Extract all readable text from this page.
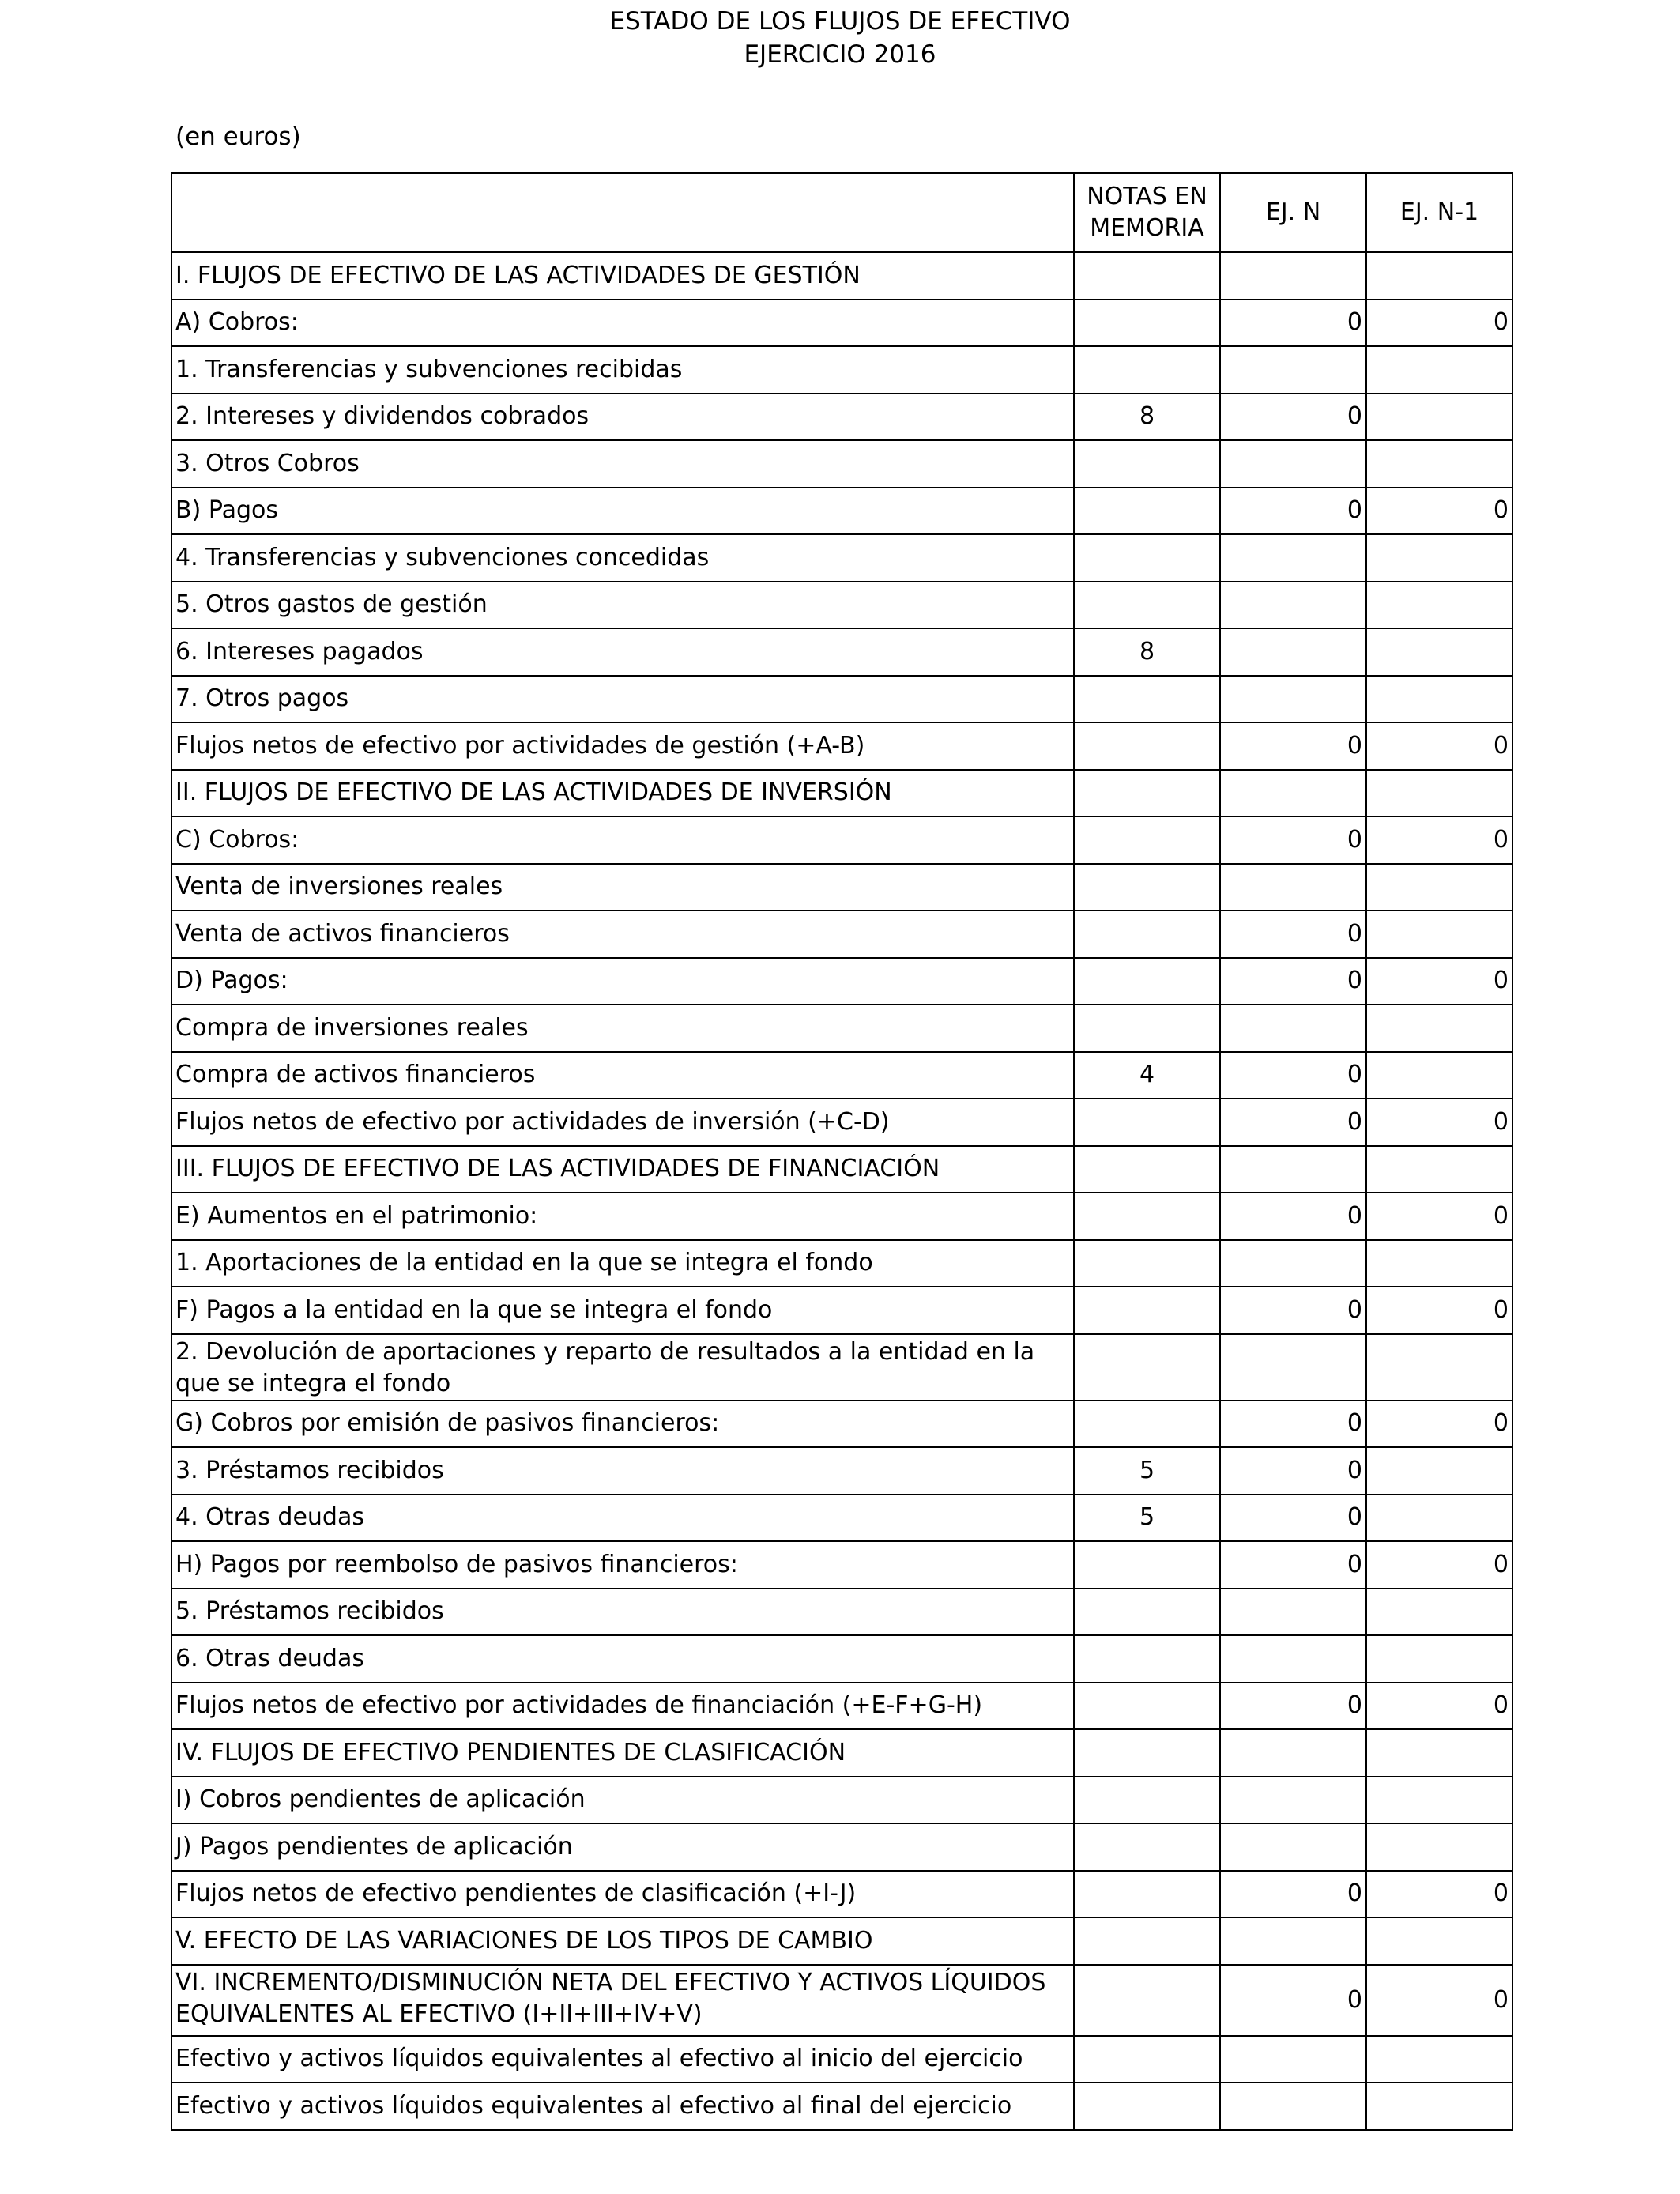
ESTADO DE LOS FLUJOS DE EFECTIVO
EJERCICIO 2016
(en euros)
	NOTAS EN MEMORIA	EJ. N	EJ. N-1
I. FLUJOS DE EFECTIVO DE LAS ACTIVIDADES DE GESTIÓN			
A) Cobros:		0	0
1. Transferencias y subvenciones recibidas			
2. Intereses y dividendos cobrados	8	0	
3. Otros Cobros			
B) Pagos		0	0
4. Transferencias y subvenciones concedidas			
5. Otros gastos de gestión			
6. Intereses pagados	8		
7. Otros pagos			
Flujos netos de efectivo por actividades de gestión (+A-B)		0	0
II. FLUJOS DE EFECTIVO DE LAS ACTIVIDADES DE INVERSIÓN			
C) Cobros:		0	0
Venta de inversiones reales			
Venta de activos financieros		0	
D) Pagos:		0	0
Compra de inversiones reales			
Compra de activos financieros	4	0	
Flujos netos de efectivo por actividades de inversión (+C-D)		0	0
III. FLUJOS DE EFECTIVO DE LAS ACTIVIDADES DE FINANCIACIÓN			
E) Aumentos en el patrimonio:		0	0
1. Aportaciones de la entidad en la que se integra el fondo			
F) Pagos a la entidad en la que se integra el fondo		0	0
2. Devolución de aportaciones y reparto de resultados a la entidad en la que se integra el fondo			
G) Cobros por emisión de pasivos financieros:		0	0
3. Préstamos recibidos	5	0	
4. Otras deudas	5	0	
H) Pagos por reembolso de pasivos financieros:		0	0
5. Préstamos recibidos			
6. Otras deudas			
Flujos netos de efectivo por actividades de financiación (+E-F+G-H)		0	0
IV. FLUJOS DE EFECTIVO PENDIENTES DE CLASIFICACIÓN			
I) Cobros pendientes de aplicación			
J) Pagos pendientes de aplicación			
Flujos netos de efectivo pendientes de clasificación (+I-J)		0	0
V. EFECTO DE LAS VARIACIONES DE LOS TIPOS DE CAMBIO			
VI. INCREMENTO/DISMINUCIÓN NETA DEL EFECTIVO Y ACTIVOS LÍQUIDOS EQUIVALENTES AL EFECTIVO (I+II+III+IV+V)		0	0
Efectivo y activos líquidos equivalentes al efectivo al inicio del ejercicio			
Efectivo y activos líquidos equivalentes al efectivo al final del ejercicio			
